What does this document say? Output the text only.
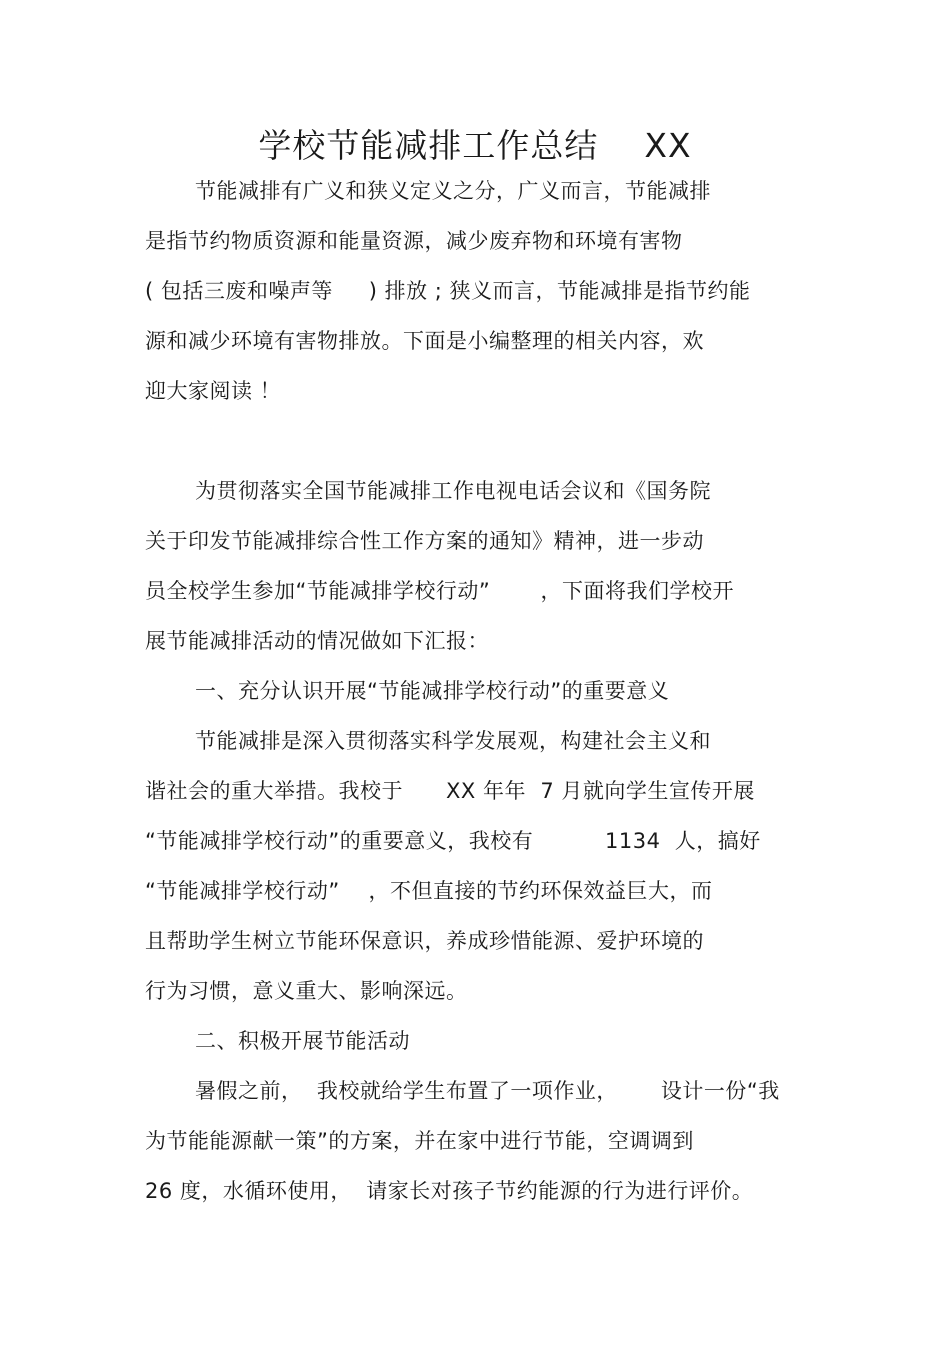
学校节能减排工作总结    XX
节能减排有广义和狭义定义之分，广义而言，节能减排
是指节约物质资源和能量资源，减少废弃物和环境有害物
( 包括三废和噪声等     ) 排放 ; 狭义而言，节能减排是指节约能
源和减少环境有害物排放。下面是小编整理的相关内容，欢
迎大家阅读 ！
为贯彻落实全国节能减排工作电视电话会议和《国务院
关于印发节能减排综合性工作方案的通知》精神，进一步动
员全校学生参加“节能减排学校行动”       ，下面将我们学校开
展节能减排活动的情况做如下汇报：
一、充分认识开展“节能减排学校行动”的重要意义
节能减排是深入贯彻落实科学发展观，构建社会主义和
谐社会的重大举措。我校于      XX 年年  7 月就向学生宣传开展
“节能减排学校行动”的重要意义，我校有          1134  人，搞好
“节能减排学校行动”    ，不但直接的节约环保效益巨大，而
且帮助学生树立节能环保意识，养成珍惜能源、爱护环境的
行为习惯，意义重大、影响深远。
二、积极开展节能活动
暑假之前，  我校就给学生布置了一项作业，      设计一份“我
为节能能源献一策”的方案，并在家中进行节能，空调调到
26 度，水循环使用，  请家长对孩子节约能源的行为进行评价。
